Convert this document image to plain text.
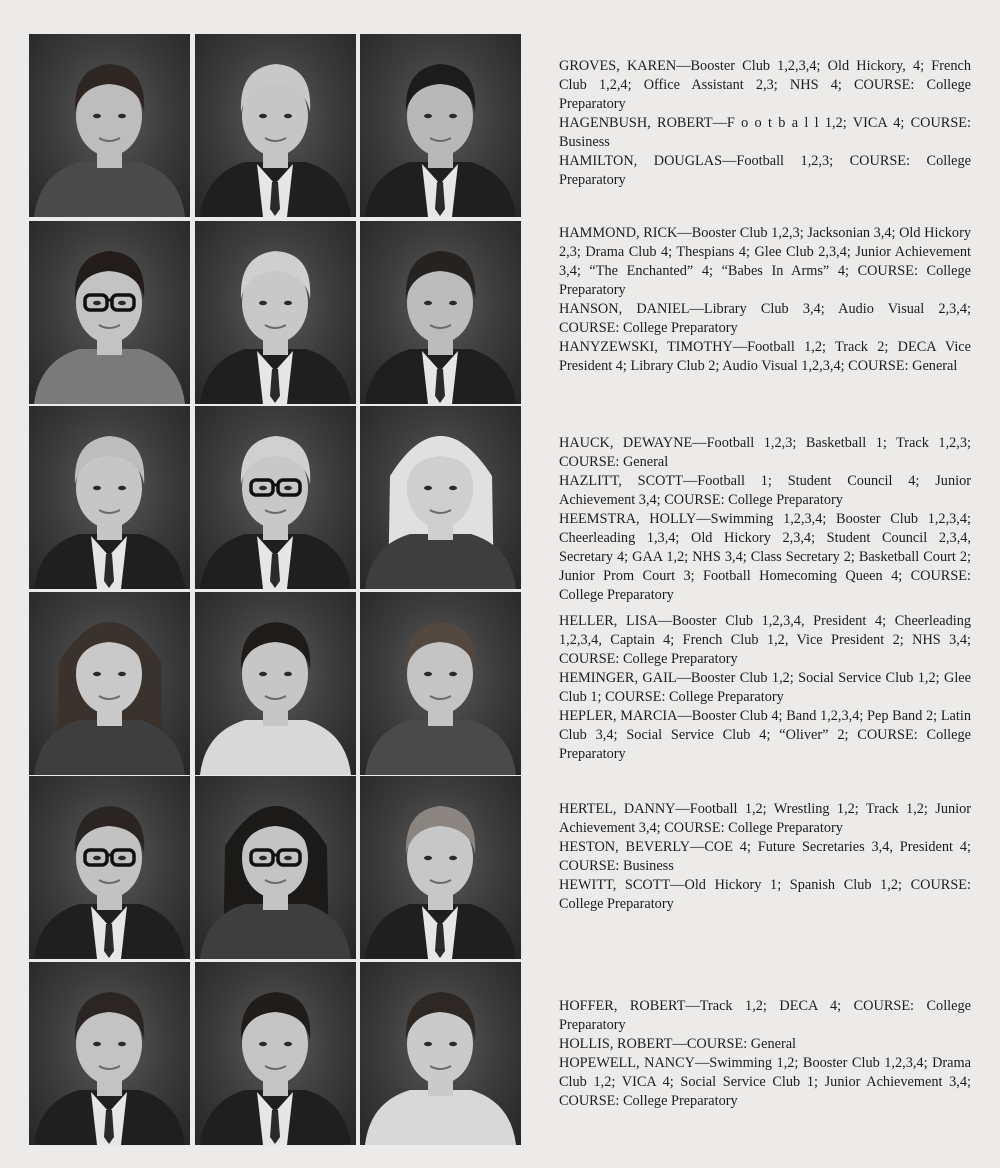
GROVES, KAREN—Booster Club 1,2,3,4; Old Hickory, 4; French Club 1,2,4; Office Assistant 2,3; NHS 4; COURSE: College Preparatory
HAGENBUSH, ROBERT—F o o t b a l l 1,2; VICA 4; COURSE: Business
HAMILTON, DOUGLAS—Football 1,2,3; COURSE: College Preparatory
HAMMOND, RICK—Booster Club 1,2,3; Jacksonian 3,4; Old Hickory 2,3; Drama Club 4; Thespians 4; Glee Club 2,3,4; Junior Achievement 3,4; “The Enchanted” 4; “Babes In Arms” 4; COURSE: College Preparatory
HANSON, DANIEL—Library Club 3,4; Audio Visual 2,3,4; COURSE: College Preparatory
HANYZEWSKI, TIMOTHY—Football 1,2; Track 2; DECA Vice President 4; Library Club 2; Audio Visual 1,2,3,4; COURSE: General
HAUCK, DEWAYNE—Football 1,2,3; Basketball 1; Track 1,2,3; COURSE: General
HAZLITT, SCOTT—Football 1; Student Council 4; Junior Achievement 3,4; COURSE: College Preparatory
HEEMSTRA, HOLLY—Swimming 1,2,3,4; Booster Club 1,2,3,4; Cheerleading 1,3,4; Old Hickory 2,3,4; Student Council 2,3,4, Secretary 4; GAA 1,2; NHS 3,4; Class Secretary 2; Basketball Court 2; Junior Prom Court 3; Football Homecoming Queen 4; COURSE: College Preparatory
HELLER, LISA—Booster Club 1,2,3,4, President 4; Cheerleading 1,2,3,4, Captain 4; French Club 1,2, Vice President 2; NHS 3,4; COURSE: College Preparatory
HEMINGER, GAIL—Booster Club 1,2; Social Service Club 1,2; Glee Club 1; COURSE: College Preparatory
HEPLER, MARCIA—Booster Club 4; Band 1,2,3,4; Pep Band 2; Latin Club 3,4; Social Service Club 4; “Oliver” 2; COURSE: College Preparatory
HERTEL, DANNY—Football 1,2; Wrestling 1,2; Track 1,2; Junior Achievement 3,4; COURSE: College Preparatory
HESTON, BEVERLY—COE 4; Future Secretaries 3,4, President 4; COURSE: Business
HEWITT, SCOTT—Old Hickory 1; Spanish Club 1,2; COURSE: College Preparatory
HOFFER, ROBERT—Track 1,2; DECA 4; COURSE: College Preparatory
HOLLIS, ROBERT—COURSE: General
HOPEWELL, NANCY—Swimming 1,2; Booster Club 1,2,3,4; Drama Club 1,2; VICA 4; Social Service Club 1; Junior Achievement 3,4; COURSE: College Preparatory
